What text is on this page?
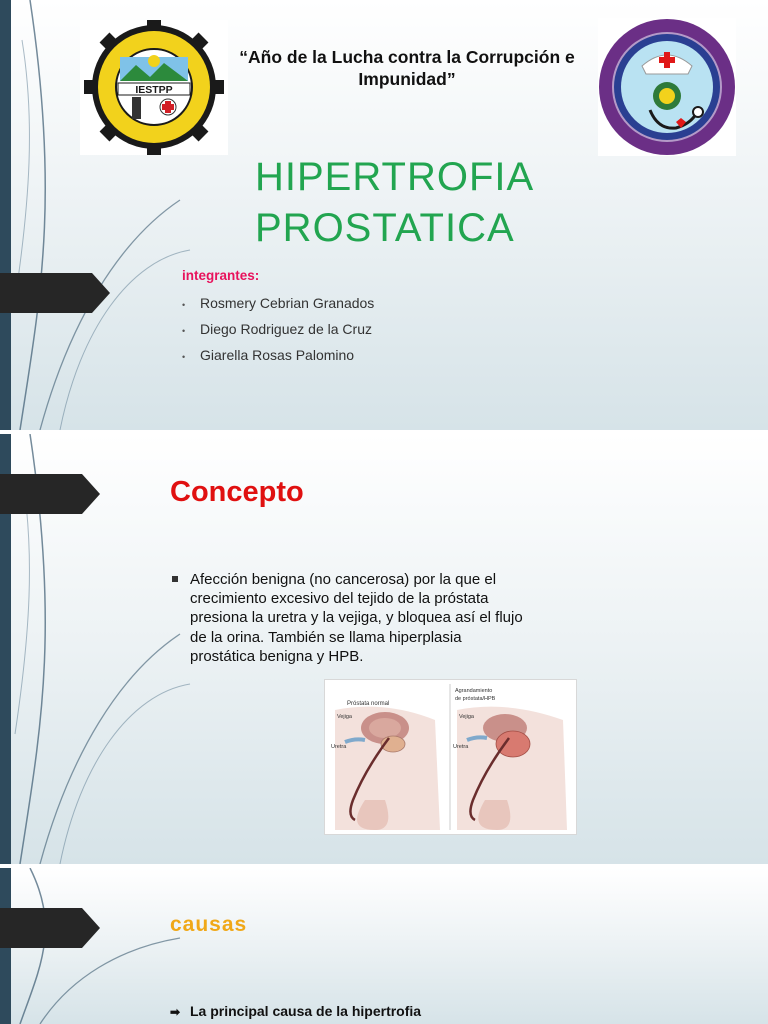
IESTPP
“Año de la Lucha contra la Corrupción e Impunidad”
HIPERTROFIA
PROSTATICA
integrantes:
• Rosmery Cebrian Granados
• Diego Rodriguez de la Cruz
• Giarella Rosas Palomino
Concepto
Afección benigna (no cancerosa) por la que el crecimiento excesivo del tejido de la próstata presiona la uretra y la vejiga, y bloquea así el flujo de la orina. También se llama hiperplasia prostática benigna y HPB.
Próstata normal
Vejiga
Uretra
Agrandamiento
de próstata/HPB
Vejiga
Uretra
causas
➡ La principal causa de la hipertrofia
